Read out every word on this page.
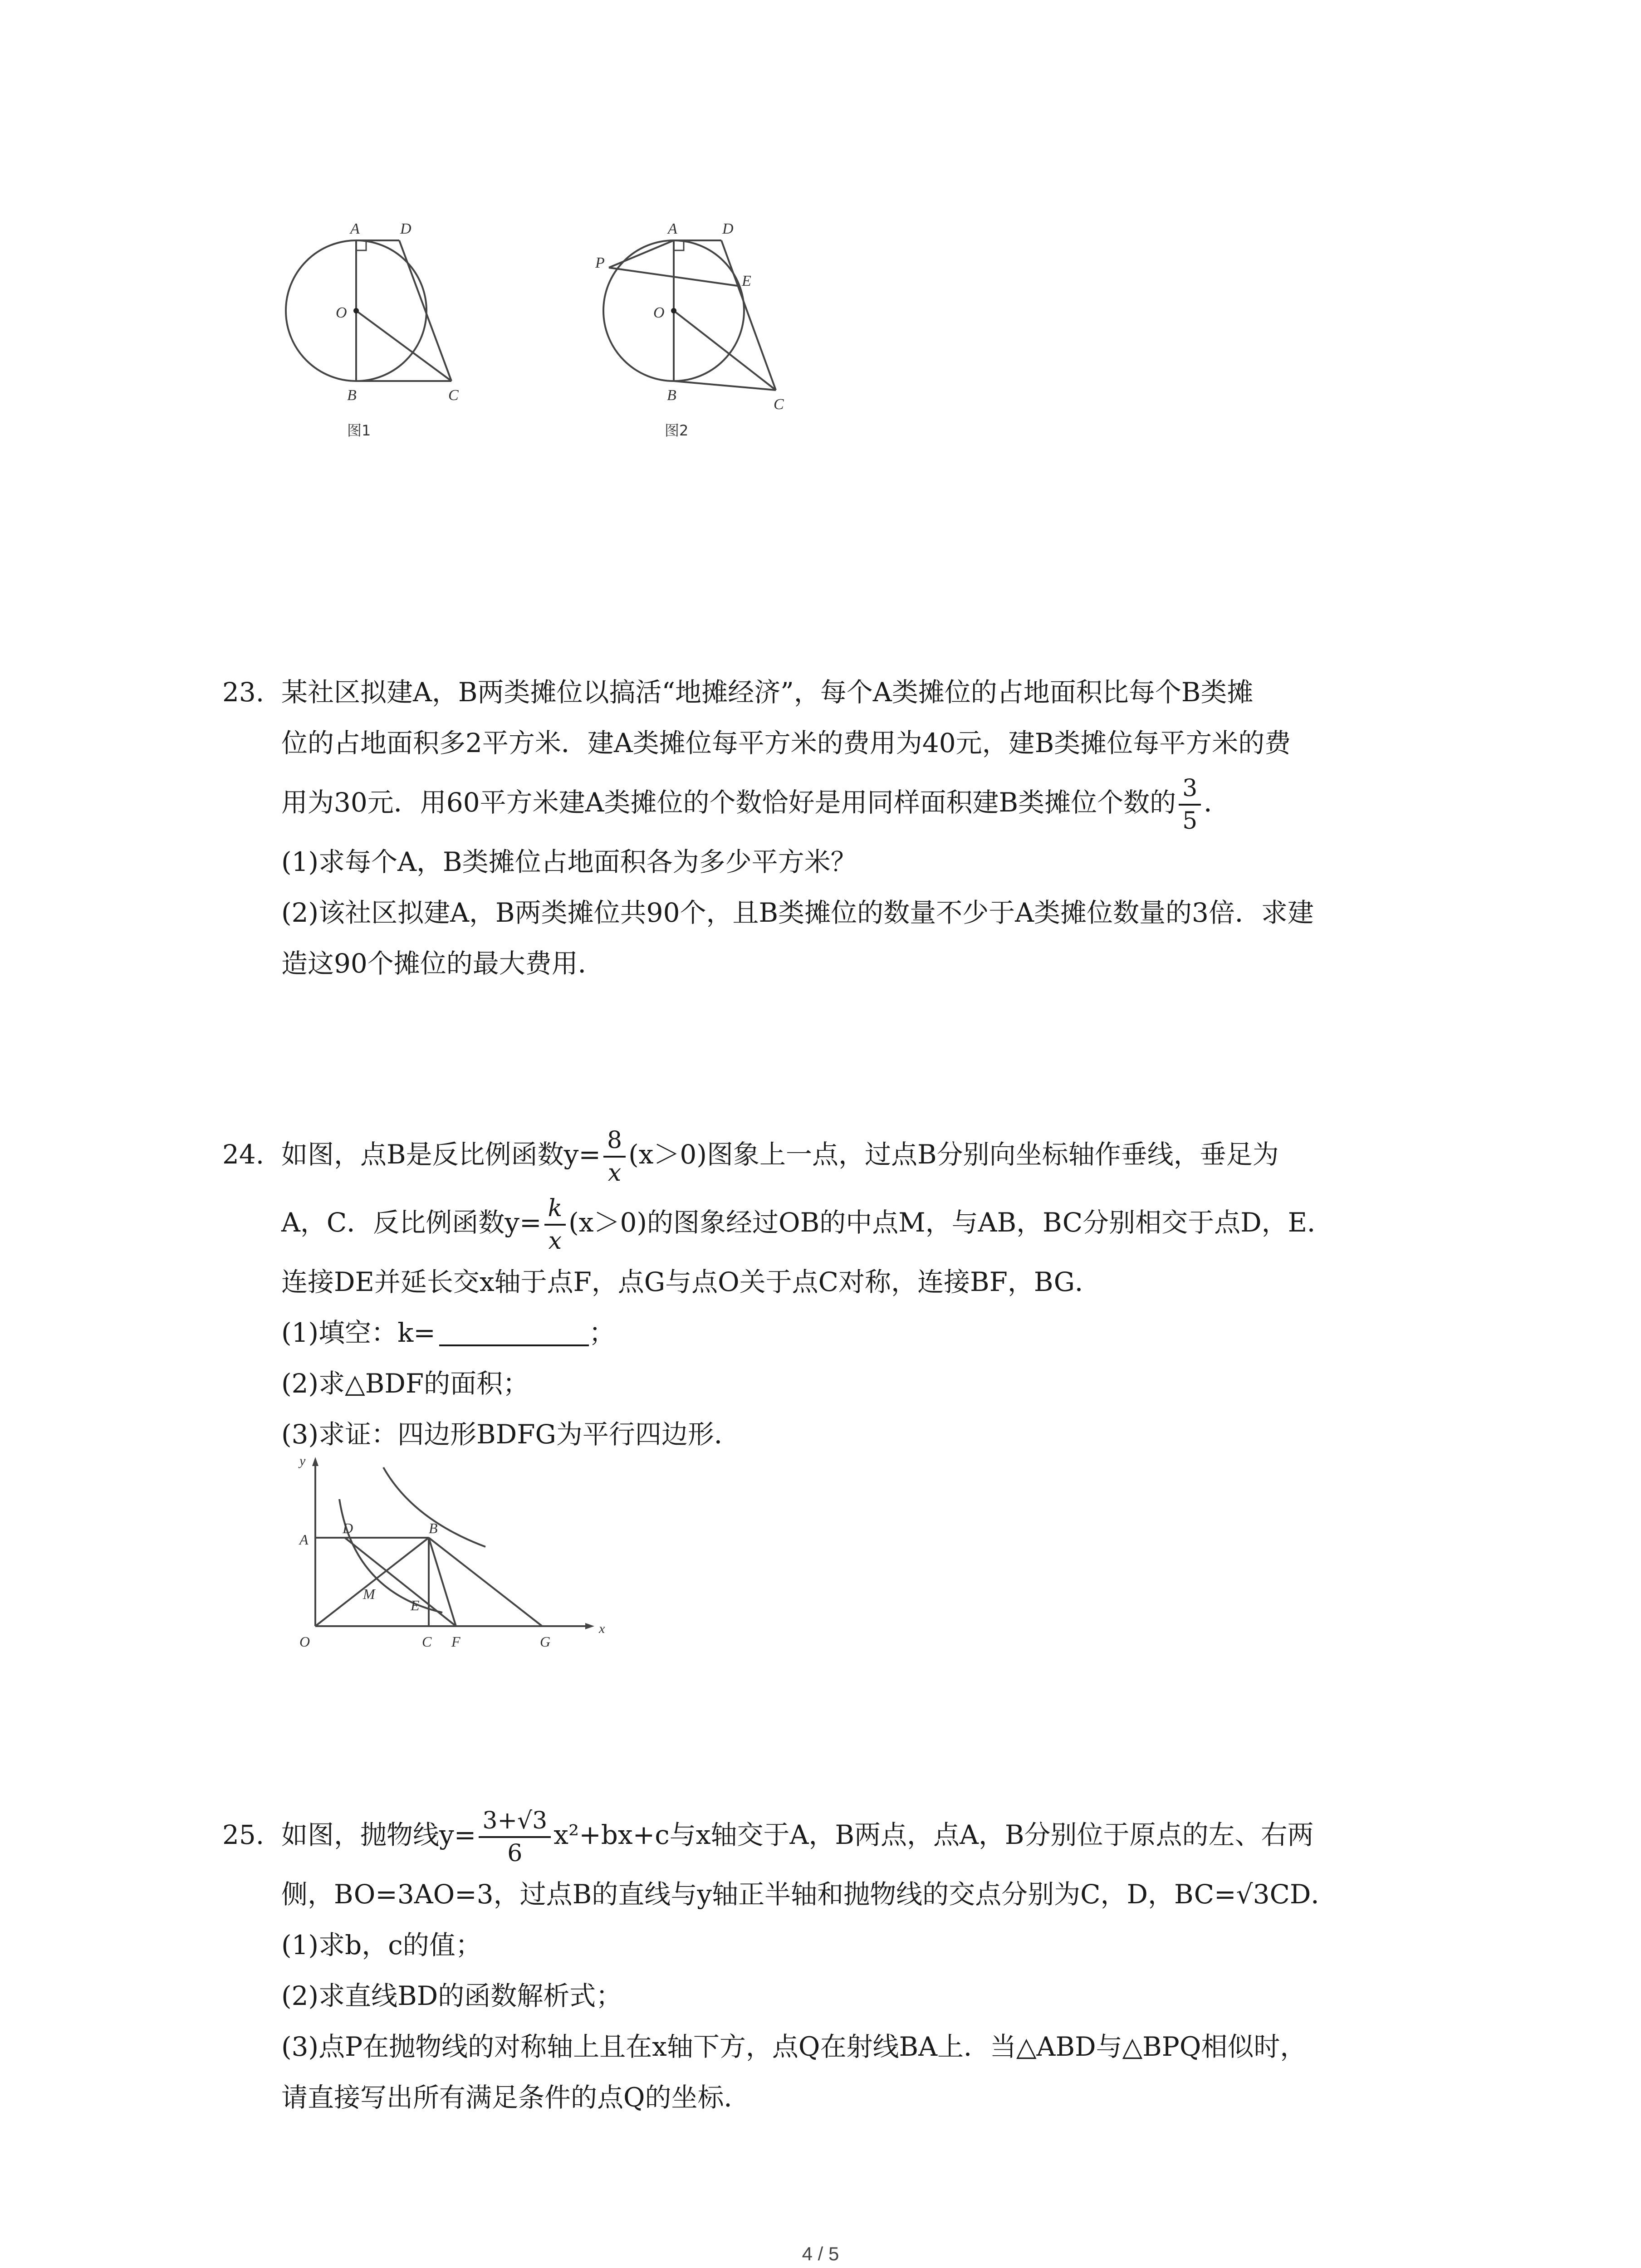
A	D
O
B	C
图1
A	D
P
E
O
B
C
图2
23. 某社区拟建A，B两类摊位以搞活“地摊经济”，每个A类摊位的占地面积比每个B类摊
位的占地面积多2平方米．建A类摊位每平方米的费用为40元，建B类摊位每平方米的费
用为30元．用60平方米建A类摊位的个数恰好是用同样面积建B类摊位个数的 $\frac{3}{5}$ ．
(1)求每个A，B类摊位占地面积各为多少平方米？
(2)该社区拟建A，B两类摊位共90个，且B类摊位的数量不少于A类摊位数量的3倍．求建
造这90个摊位的最大费用．
24. 如图，点B是反比例函数$y= \frac{8}{x} (x>0)$图象上一点，过点B分别向坐标轴作垂线，垂足为
A，C．反比例函数$y= \frac{k}{x} (x>0)$的图象经过OB的中点M，与AB，BC分别相交于点D，E．
连接DE并延长交x轴于点F，点G与点O关于点C对称，连接BF，BG．
(1)填空：k=	；
(2)求△BDF的面积；
(3)求证：四边形BDFG为平行四边形．
y
x
A
D	B
M
E
O	C F	G
25. 如图，抛物线$y= \frac{3+√3}{6} x^2+bx+c$与x轴交于A，B两点，点A，B分别位于原点的左、右两
侧，BO=3AO=3，过点B的直线与y轴正半轴和抛物线的交点分别为C，D，BC=√3CD．
(1)求b，c的值；
(2)求直线BD的函数解析式；
(3)点P在抛物线的对称轴上且在x轴下方，点Q在射线BA上．当△ABD与△BPQ相似时，
请直接写出所有满足条件的点Q的坐标．
4 / 5
